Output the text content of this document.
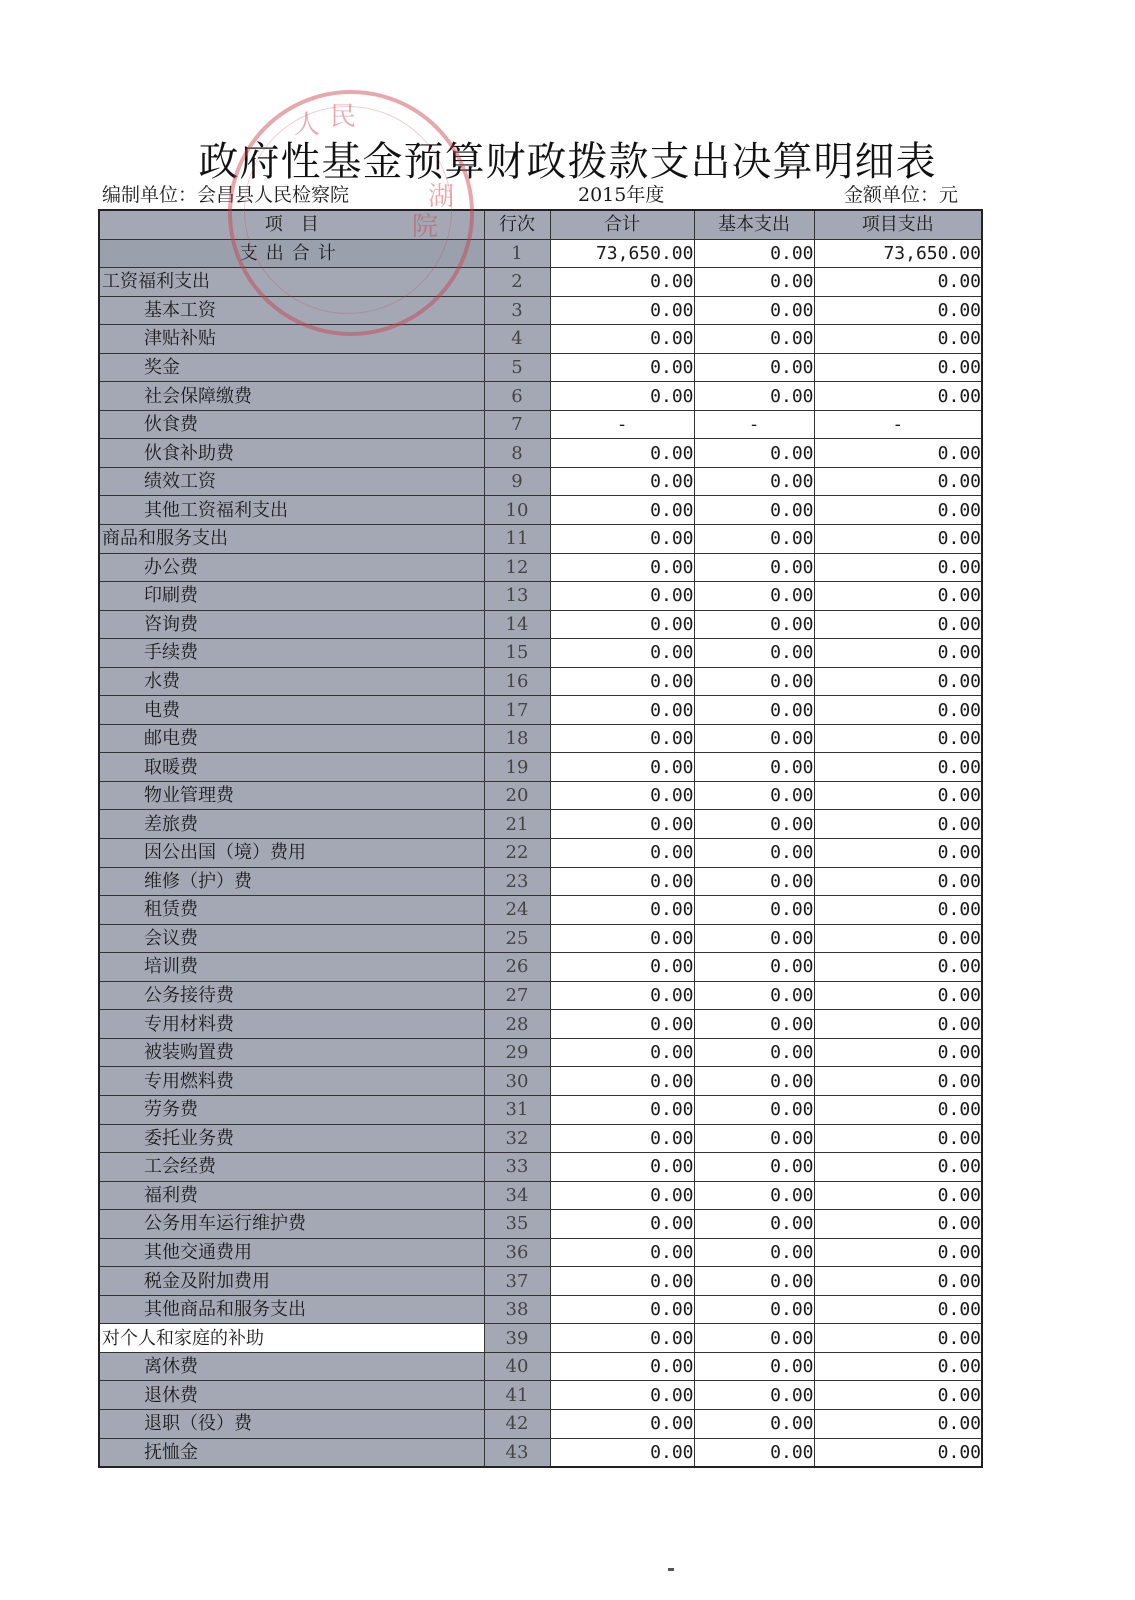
政府性基金预算财政拨款支出决算明细表
编制单位：会昌县人民检察院	2015年度	金额单位：元
项　目	行次	合计	基本支出	项目支出
支出合计	1	73,650.00	0.00	73,650.00
工资福利支出	2	0.00	0.00	0.00
基本工资	3	0.00	0.00	0.00
津贴补贴	4	0.00	0.00	0.00
奖金	5	0.00	0.00	0.00
社会保障缴费	6	0.00	0.00	0.00
伙食费	7	-	-	-
伙食补助费	8	0.00	0.00	0.00
绩效工资	9	0.00	0.00	0.00
其他工资福利支出	10	0.00	0.00	0.00
商品和服务支出	11	0.00	0.00	0.00
办公费	12	0.00	0.00	0.00
印刷费	13	0.00	0.00	0.00
咨询费	14	0.00	0.00	0.00
手续费	15	0.00	0.00	0.00
水费	16	0.00	0.00	0.00
电费	17	0.00	0.00	0.00
邮电费	18	0.00	0.00	0.00
取暖费	19	0.00	0.00	0.00
物业管理费	20	0.00	0.00	0.00
差旅费	21	0.00	0.00	0.00
因公出国（境）费用	22	0.00	0.00	0.00
维修（护）费	23	0.00	0.00	0.00
租赁费	24	0.00	0.00	0.00
会议费	25	0.00	0.00	0.00
培训费	26	0.00	0.00	0.00
公务接待费	27	0.00	0.00	0.00
专用材料费	28	0.00	0.00	0.00
被装购置费	29	0.00	0.00	0.00
专用燃料费	30	0.00	0.00	0.00
劳务费	31	0.00	0.00	0.00
委托业务费	32	0.00	0.00	0.00
工会经费	33	0.00	0.00	0.00
福利费	34	0.00	0.00	0.00
公务用车运行维护费	35	0.00	0.00	0.00
其他交通费用	36	0.00	0.00	0.00
税金及附加费用	37	0.00	0.00	0.00
其他商品和服务支出	38	0.00	0.00	0.00
对个人和家庭的补助	39	0.00	0.00	0.00
离休费	40	0.00	0.00	0.00
退休费	41	0.00	0.00	0.00
退职（役）费	42	0.00	0.00	0.00
抚恤金	43	0.00	0.00	0.00
人 民
湖
院
